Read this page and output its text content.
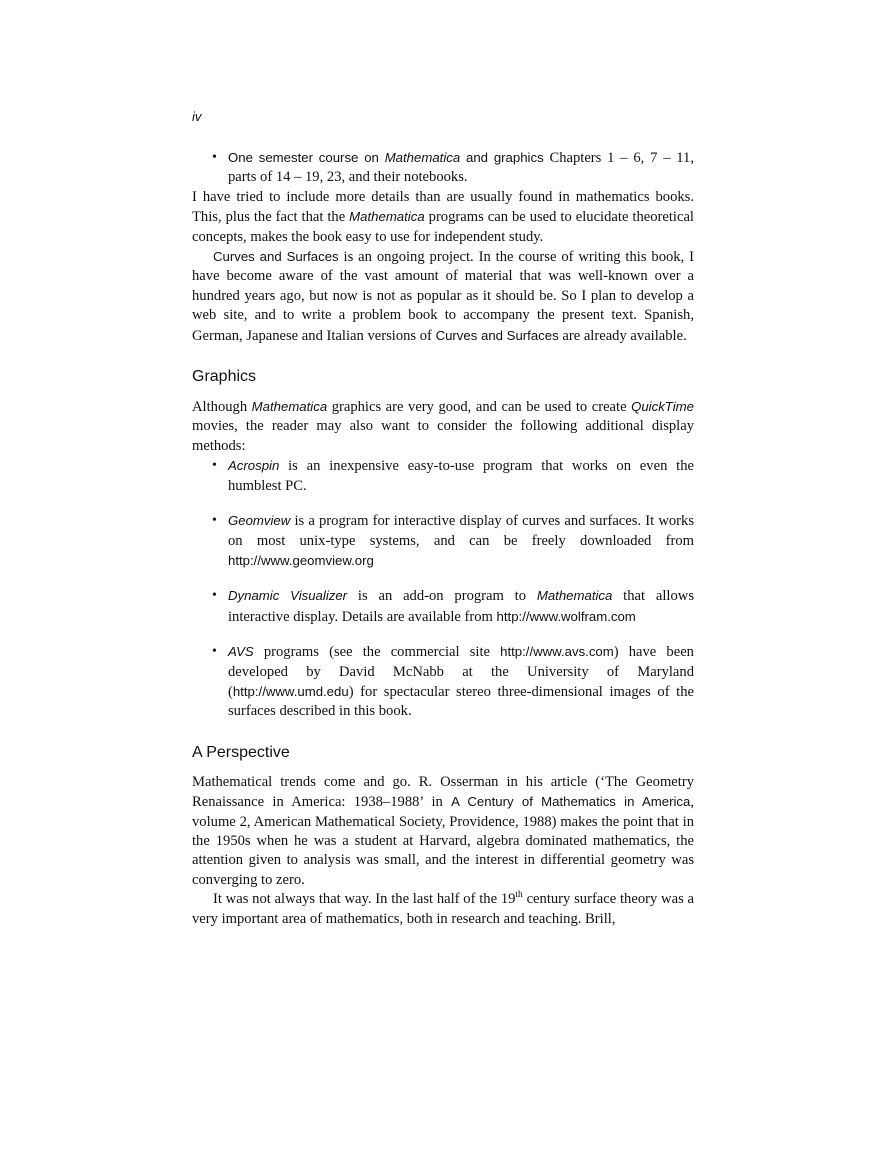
iv
• One semester course on Mathematica and graphics Chapters 1 – 6, 7 – 11, parts of 14 – 19, 23, and their notebooks.

I have tried to include more details than are usually found in mathematics books. This, plus the fact that the Mathematica programs can be used to elucidate theoretical concepts, makes the book easy to use for independent study.

Curves and Surfaces is an ongoing project. In the course of writing this book, I have become aware of the vast amount of material that was well-known over a hundred years ago, but now is not as popular as it should be. So I plan to develop a web site, and to write a problem book to accompany the present text. Spanish, German, Japanese and Italian versions of Curves and Surfaces are already available.

Graphics

Although Mathematica graphics are very good, and can be used to create QuickTime movies, the reader may also want to consider the following additional display methods:

• Acrospin is an inexpensive easy-to-use program that works on even the humblest PC.
• Geomview is a program for interactive display of curves and surfaces. It works on most unix-type systems, and can be freely downloaded from http://www.geomview.org
• Dynamic Visualizer is an add-on program to Mathematica that allows interactive display. Details are available from http://www.wolfram.com
• AVS programs (see the commercial site http://www.avs.com) have been developed by David McNabb at the University of Maryland (http://www.umd.edu) for spectacular stereo three-dimensional images of the surfaces described in this book.
A Perspective

Mathematical trends come and go. R. Osserman in his article (‘The Geometry Renaissance in America: 1938–1988’ in A Century of Mathematics in America, volume 2, American Mathematical Society, Providence, 1988) makes the point that in the 1950s when he was a student at Harvard, algebra dominated mathematics, the attention given to analysis was small, and the interest in differential geometry was converging to zero.

It was not always that way. In the last half of the 19th century surface theory was a very important area of mathematics, both in research and teaching. Brill,
